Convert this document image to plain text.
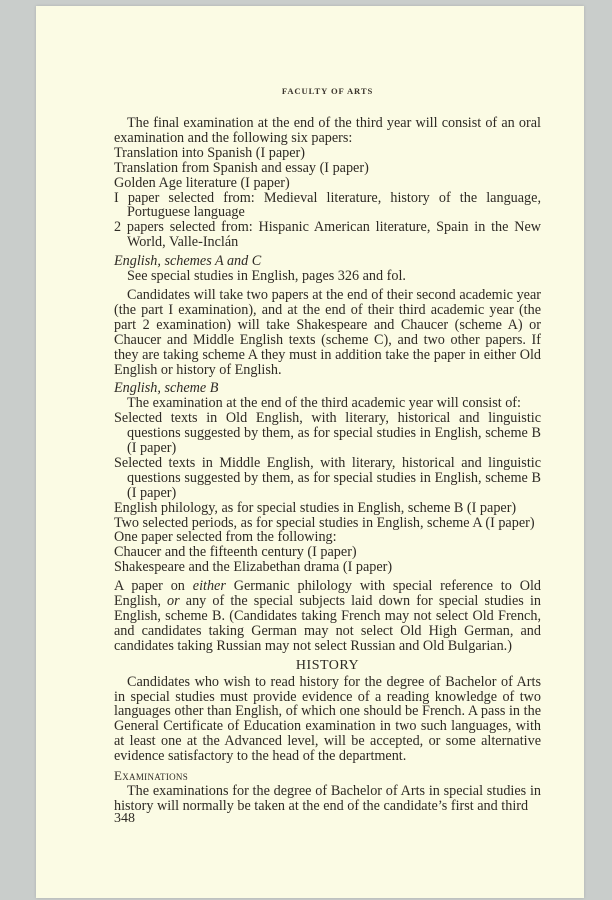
FACULTY OF ARTS

The final examination at the end of the third year will consist of an oral examination and the following six papers:

Translation into Spanish (I paper)

Translation from Spanish and essay (I paper)

Golden Age literature (I paper)

I paper selected from: Medieval literature, history of the language, Portuguese language

2 papers selected from: Hispanic American literature, Spain in the New World, Valle-Inclán

English, schemes A and C

See special studies in English, pages 326 and fol.

Candidates will take two papers at the end of their second academic year (the part I examination), and at the end of their third academic year (the part 2 examination) will take Shakespeare and Chaucer (scheme A) or Chaucer and Middle English texts (scheme C), and two other papers. If they are taking scheme A they must in addition take the paper in either Old English or history of English.

English, scheme B

The examination at the end of the third academic year will consist of:

Selected texts in Old English, with literary, historical and linguistic questions suggested by them, as for special studies in English, scheme B (I paper)

Selected texts in Middle English, with literary, historical and linguistic questions suggested by them, as for special studies in English, scheme B (I paper)

English philology, as for special studies in English, scheme B (I paper)

Two selected periods, as for special studies in English, scheme A (I paper)

One paper selected from the following:

Chaucer and the fifteenth century (I paper)

Shakespeare and the Elizabethan drama (I paper)

A paper on either Germanic philology with special reference to Old English, or any of the special subjects laid down for special studies in English, scheme B. (Candidates taking French may not select Old French, and candidates taking German may not select Old High German, and candidates taking Russian may not select Russian and Old Bulgarian.)

HISTORY

Candidates who wish to read history for the degree of Bachelor of Arts in special studies must provide evidence of a reading knowledge of two languages other than English, of which one should be French. A pass in the General Certificate of Education examination in two such languages, with at least one at the Advanced level, will be accepted, or some alternative evidence satisfactory to the head of the department.

Examinations

The examinations for the degree of Bachelor of Arts in special studies in history will normally be taken at the end of the candidate’s first and third

348
